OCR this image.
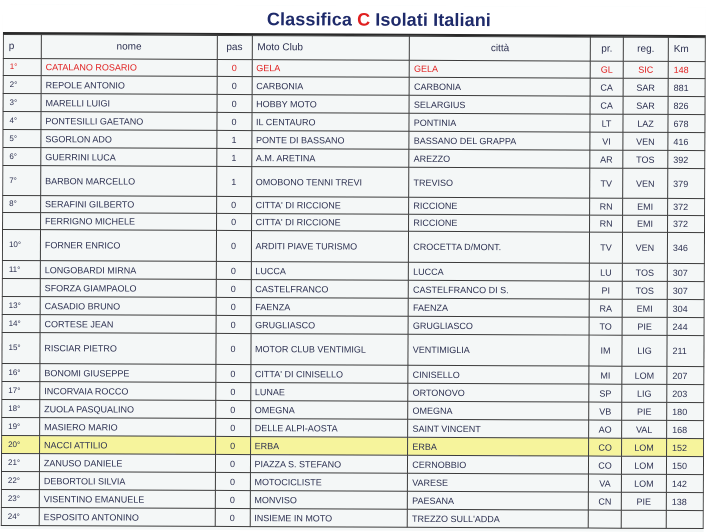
Classifica C Isolati Italiani
p	nome	pas	Moto Club	città	pr.	reg.	Km
1°	CATALANO ROSARIO	0	GELA	GELA	GL	SIC	148
2°	REPOLE ANTONIO	0	CARBONIA	CARBONIA	CA	SAR	881
3°	MARELLI LUIGI	0	HOBBY MOTO	SELARGIUS	CA	SAR	826
4°	PONTESILLI GAETANO	0	IL CENTAURO	PONTINIA	LT	LAZ	678
5°	SGORLON ADO	1	PONTE DI BASSANO	BASSANO DEL GRAPPA	VI	VEN	416
6°	GUERRINI LUCA	1	A.M. ARETINA	AREZZO	AR	TOS	392
7°	BARBON MARCELLO	1	OMOBONO TENNI TREVI	TREVISO	TV	VEN	379
8°	SERAFINI GILBERTO	0	CITTA' DI RICCIONE	RICCIONE	RN	EMI	372
	FERRIGNO MICHELE	0	CITTA' DI RICCIONE	RICCIONE	RN	EMI	372
10°	FORNER ENRICO	0	ARDITI PIAVE TURISMO	CROCETTA D/MONT.	TV	VEN	346
11°	LONGOBARDI MIRNA	0	LUCCA	LUCCA	LU	TOS	307
	SFORZA GIAMPAOLO	0	CASTELFRANCO	CASTELFRANCO DI S.	PI	TOS	307
13°	CASADIO BRUNO	0	FAENZA	FAENZA	RA	EMI	304
14°	CORTESE JEAN	0	GRUGLIASCO	GRUGLIASCO	TO	PIE	244
15°	RISCIAR PIETRO	0	MOTOR CLUB VENTIMIGL	VENTIMIGLIA	IM	LIG	211
16°	BONOMI GIUSEPPE	0	CITTA' DI CINISELLO	CINISELLO	MI	LOM	207
17°	INCORVAIA ROCCO	0	LUNAE	ORTONOVO	SP	LIG	203
18°	ZUOLA PASQUALINO	0	OMEGNA	OMEGNA	VB	PIE	180
19°	MASIERO MARIO	0	DELLE ALPI-AOSTA	SAINT VINCENT	AO	VAL	168
20°	NACCI ATTILIO	0	ERBA	ERBA	CO	LOM	152
21°	ZANUSO DANIELE	0	PIAZZA S. STEFANO	CERNOBBIO	CO	LOM	150
22°	DEBORTOLI SILVIA	0	MOTOCICLISTE	VARESE	VA	LOM	142
23°	VISENTINO EMANUELE	0	MONVISO	PAESANA	CN	PIE	138
24°	ESPOSITO ANTONINO	0	INSIEME IN MOTO	TREZZO SULL'ADDA			
